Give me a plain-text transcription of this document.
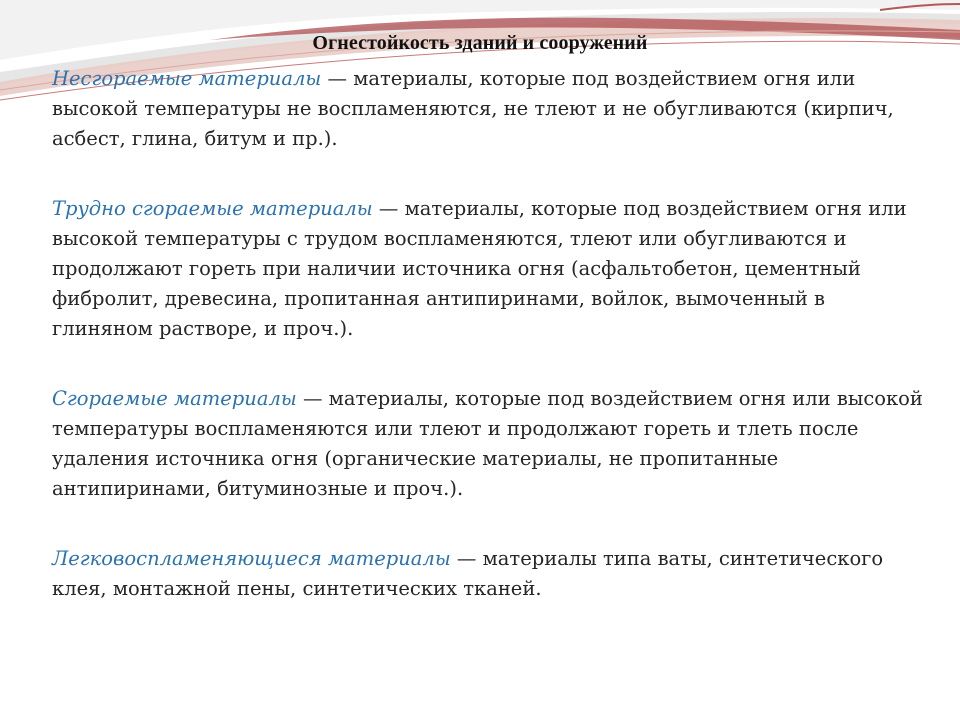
Огнестойкость зданий и сооружений

Несгораемые материалы — материалы, которые под воздействием огня или высокой температуры не воспламеняются, не тлеют и не обугливаются (кирпич, асбест, глина, битум и пр.).

Трудно сгораемые материалы — материалы, которые под воздействием огня или высокой температуры с трудом воспламеняются, тлеют или обугливаются и продолжают гореть при наличии источника огня (асфальтобетон, цементный фибролит, древесина, пропитанная антипиринами, войлок, вымоченный в глиняном растворе, и проч.).

Сгораемые материалы — материалы, которые под воздействием огня или высокой температуры воспламеняются или тлеют и продолжают гореть и тлеть после удаления источника огня (органические материалы, не пропитанные антипиринами, битуминозные и проч.).

Легковоспламеняющиеся материалы — материалы типа ваты, синтетического клея, монтажной пены, синтетических тканей.
